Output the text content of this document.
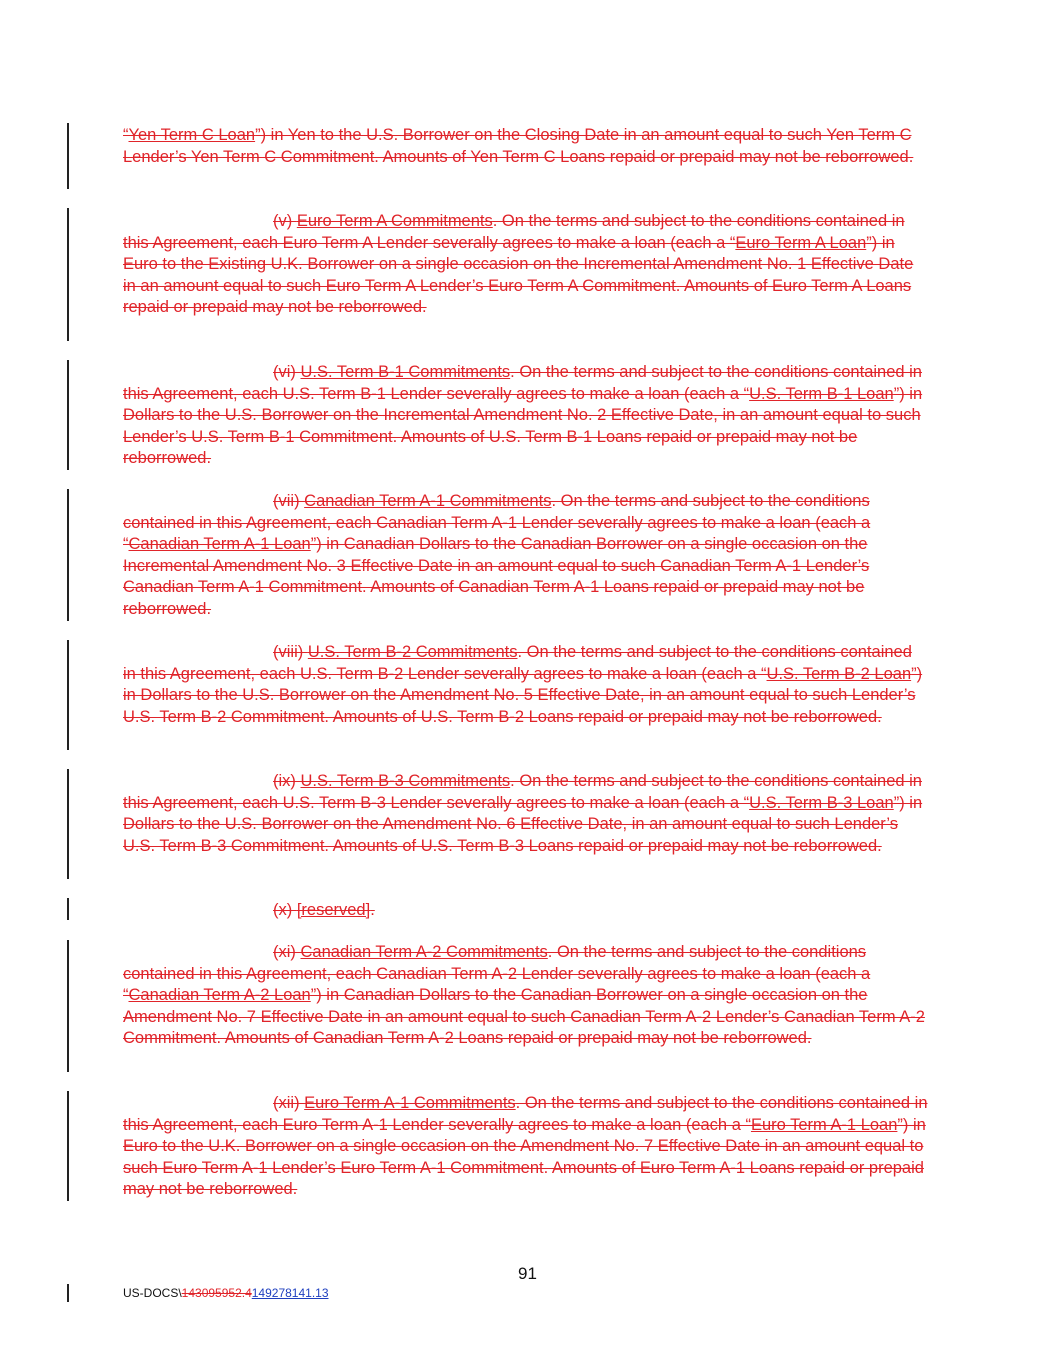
“Yen Term C Loan”) in Yen to the U.S. Borrower on the Closing Date in an amount equal to such Yen Term C Lender’s Yen Term C Commitment. Amounts of Yen Term C Loans repaid or prepaid may not be reborrowed.
(v) Euro Term A Commitments. On the terms and subject to the conditions contained in this Agreement, each Euro Term A Lender severally agrees to make a loan (each a “Euro Term A Loan”) in Euro to the Existing U.K. Borrower on a single occasion on the Incremental Amendment No. 1 Effective Date in an amount equal to such Euro Term A Lender’s Euro Term A Commitment. Amounts of Euro Term A Loans repaid or prepaid may not be reborrowed.
(vi) U.S. Term B-1 Commitments. On the terms and subject to the conditions contained in this Agreement, each U.S. Term B-1 Lender severally agrees to make a loan (each a “U.S. Term B-1 Loan”) in Dollars to the U.S. Borrower on the Incremental Amendment No. 2 Effective Date, in an amount equal to such Lender’s U.S. Term B-1 Commitment. Amounts of U.S. Term B-1 Loans repaid or prepaid may not be reborrowed.
(vii) Canadian Term A-1 Commitments. On the terms and subject to the conditions contained in this Agreement, each Canadian Term A-1 Lender severally agrees to make a loan (each a “Canadian Term A-1 Loan”) in Canadian Dollars to the Canadian Borrower on a single occasion on the Incremental Amendment No. 3 Effective Date in an amount equal to such Canadian Term A-1 Lender’s Canadian Term A-1 Commitment. Amounts of Canadian Term A-1 Loans repaid or prepaid may not be reborrowed.
(viii) U.S. Term B-2 Commitments. On the terms and subject to the conditions contained in this Agreement, each U.S. Term B-2 Lender severally agrees to make a loan (each a “U.S. Term B-2 Loan”) in Dollars to the U.S. Borrower on the Amendment No. 5 Effective Date, in an amount equal to such Lender’s U.S. Term B-2 Commitment. Amounts of U.S. Term B-2 Loans repaid or prepaid may not be reborrowed.
(ix) U.S. Term B-3 Commitments. On the terms and subject to the conditions contained in this Agreement, each U.S. Term B-3 Lender severally agrees to make a loan (each a “U.S. Term B-3 Loan”) in Dollars to the U.S. Borrower on the Amendment No. 6 Effective Date, in an amount equal to such Lender’s U.S. Term B-3 Commitment. Amounts of U.S. Term B-3 Loans repaid or prepaid may not be reborrowed.
(x) [reserved].
(xi) Canadian Term A-2 Commitments. On the terms and subject to the conditions contained in this Agreement, each Canadian Term A-2 Lender severally agrees to make a loan (each a “Canadian Term A-2 Loan”) in Canadian Dollars to the Canadian Borrower on a single occasion on the Amendment No. 7 Effective Date in an amount equal to such Canadian Term A-2 Lender’s Canadian Term A-2 Commitment. Amounts of Canadian Term A-2 Loans repaid or prepaid may not be reborrowed.
(xii) Euro Term A-1 Commitments. On the terms and subject to the conditions contained in this Agreement, each Euro Term A-1 Lender severally agrees to make a loan (each a “Euro Term A-1 Loan”) in Euro to the U.K. Borrower on a single occasion on the Amendment No. 7 Effective Date in an amount equal to such Euro Term A-1 Lender’s Euro Term A-1 Commitment. Amounts of Euro Term A-1 Loans repaid or prepaid may not be reborrowed.
91
US-DOCS\143095952.4149278141.13
